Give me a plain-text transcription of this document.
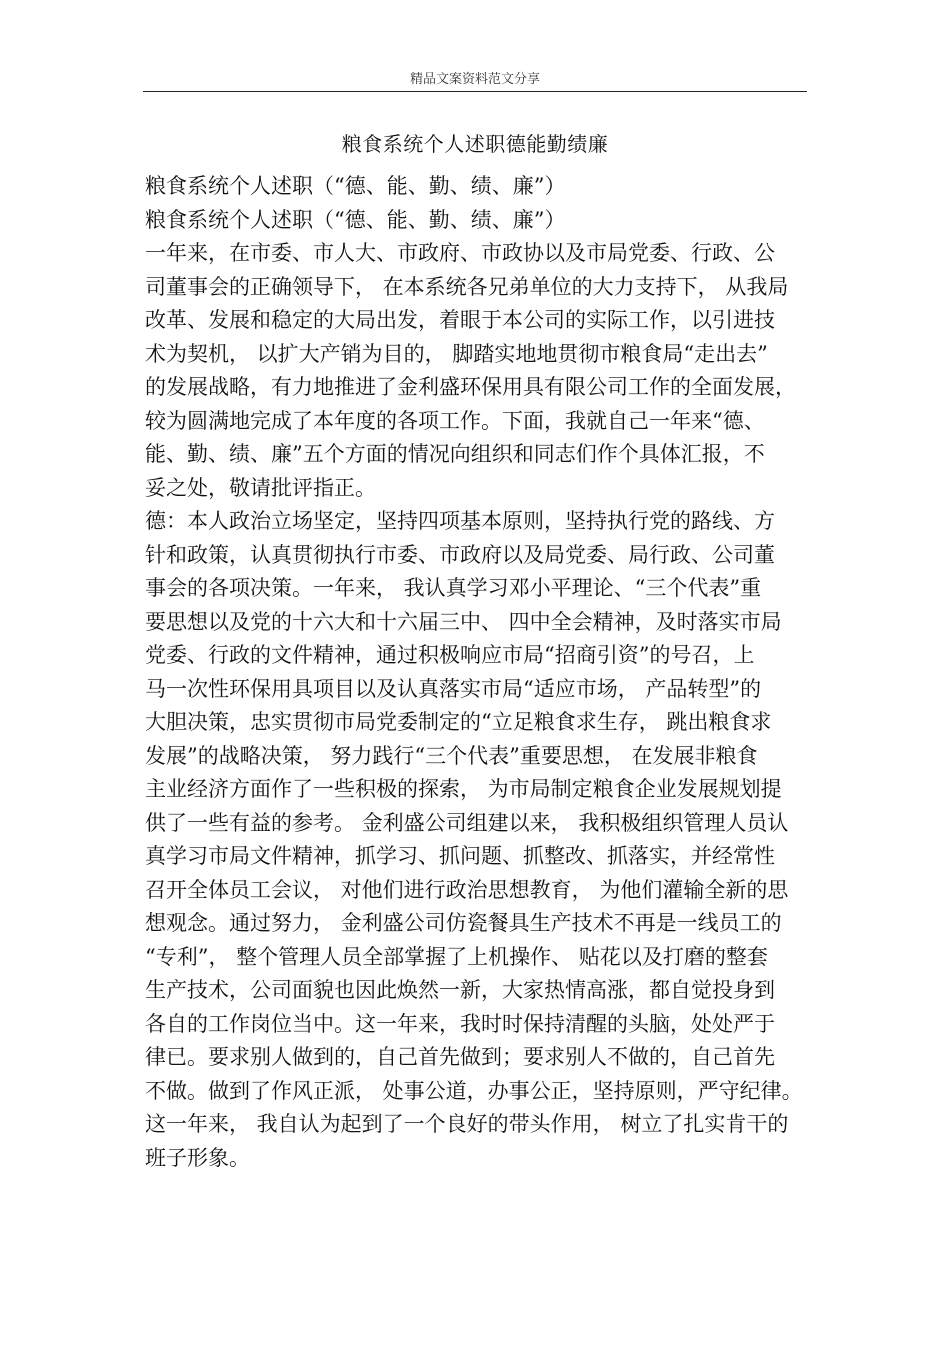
精品文案资料范文分享
粮食系统个人述职德能勤绩廉
粮食系统个人述职（“德、能、勤、绩、廉”）
粮食系统个人述职（“德、能、勤、绩、廉”）
一年来，在市委、市人大、市政府、市政协以及市局党委、行政、公
司董事会的正确领导下， 在本系统各兄弟单位的大力支持下， 从我局
改革、发展和稳定的大局出发，着眼于本公司的实际工作，以引进技
术为契机， 以扩大产销为目的， 脚踏实地地贯彻市粮食局“走出去”
的发展战略，有力地推进了金利盛环保用具有限公司工作的全面发展，
较为圆满地完成了本年度的各项工作。下面，我就自己一年来“德、
能、勤、绩、廉”五个方面的情况向组织和同志们作个具体汇报，不
妥之处，敬请批评指正。
德：本人政治立场坚定，坚持四项基本原则，坚持执行党的路线、方
针和政策，认真贯彻执行市委、市政府以及局党委、局行政、公司董
事会的各项决策。一年来， 我认真学习邓小平理论、“三个代表”重
要思想以及党的十六大和十六届三中、 四中全会精神，及时落实市局
党委、行政的文件精神，通过积极响应市局“招商引资”的号召，上
马一次性环保用具项目以及认真落实市局“适应市场， 产品转型”的
大胆决策，忠实贯彻市局党委制定的“立足粮食求生存， 跳出粮食求
发展”的战略决策， 努力践行“三个代表”重要思想， 在发展非粮食
主业经济方面作了一些积极的探索， 为市局制定粮食企业发展规划提
供了一些有益的参考。 金利盛公司组建以来， 我积极组织管理人员认
真学习市局文件精神，抓学习、抓问题、抓整改、抓落实，并经常性
召开全体员工会议， 对他们进行政治思想教育， 为他们灌输全新的思
想观念。通过努力， 金利盛公司仿瓷餐具生产技术不再是一线员工的
“专利”， 整个管理人员全部掌握了上机操作、 贴花以及打磨的整套
生产技术，公司面貌也因此焕然一新，大家热情高涨，都自觉投身到
各自的工作岗位当中。这一年来，我时时保持清醒的头脑，处处严于
律已。要求别人做到的，自己首先做到；要求别人不做的，自己首先
不做。做到了作风正派， 处事公道，办事公正，坚持原则，严守纪律。
这一年来， 我自认为起到了一个良好的带头作用， 树立了扎实肯干的
班子形象。
